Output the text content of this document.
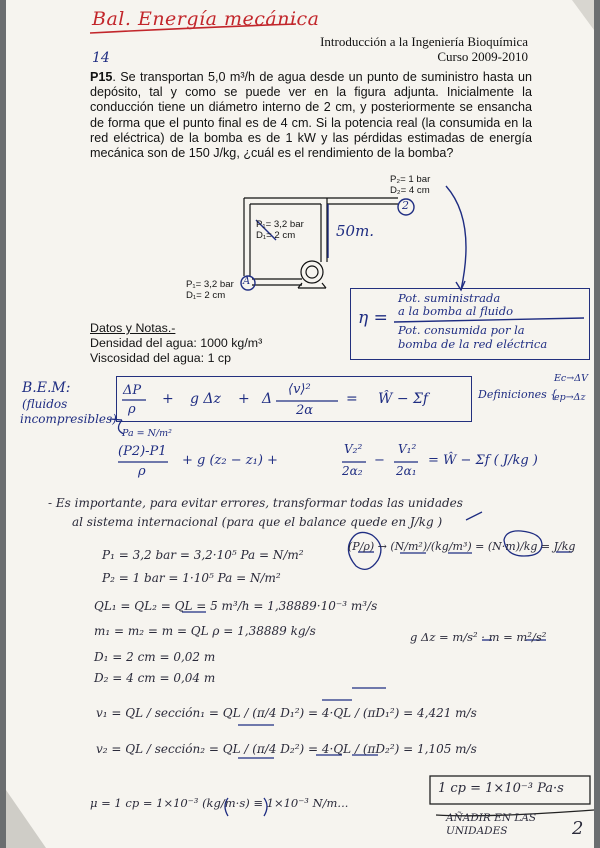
Bal. Energía mecánica
Introducción a la Ingeniería Bioquímica
Curso 2009-2010
14
P15. Se transportan 5,0 m³/h de agua desde un punto de suministro hasta un depósito, tal y como se puede ver en la figura adjunta. Inicialmente la conducción tiene un diámetro interno de 2 cm, y posteriormente se ensancha de forma que el punto final es de 4 cm. Si la potencia real (la consumida en la red eléctrica) de la bomba es de 1 kW y las pérdidas estimadas de energía mecánica son de 150 J/kg, ¿cuál es el rendimiento de la bomba?
P₂= 1 bar
D₂= 4 cm
2
P₁= 3,2 bar
D₁= 2 cm	50m.
P₁= 3,2 bar
D₁= 2 cm
A
η =
Pot. suministrada
a la bomba al fluido
Pot. consumida por la
bomba de la red eléctrica
Datos y Notas.-
Densidad del agua: 1000 kg/m³
Viscosidad del agua: 1 cp
B.E.M:
(fluidos
incompresibles)
ΔP
ρ
+ g Δz + Δ
⟨v⟩²
2α
= Ŵ − Σf	Definiciones {
Ec→ΔV
ep→Δz
Pa = N/m²
(P2)-P1
ρ
+ g (z₂ − z₁) +
V₂²
2α₂
−
V₁²
2α₁
= Ŵ − Σf ( J/kg )
- Es importante, para evitar errores, transformar todas las unidades
al sistema internacional (para que el balance quede en J/kg )
P₁ = 3,2 bar = 3,2·10⁵ Pa = N/m²
P₂ = 1 bar = 1·10⁵ Pa = N/m²
(P/ρ) → (N/m²)/(kg/m³) = (N·m)/kg = J/kg
QL₁ = QL₂ = QL = 5 m³/h = 1,38889·10⁻³ m³/s
m₁ = m₂ = m = QL ρ = 1,38889 kg/s	g Δz = m/s² · m = m²/s²
D₁ = 2 cm = 0,02 m
D₂ = 4 cm = 0,04 m
v₁ = QL / sección₁ = QL / (π/4 D₁²) = 4·QL / (πD₁²) = 4,421 m/s
v₂ = QL / sección₂ = QL / (π/4 D₂²) = 4·QL / (πD₂²) = 1,105 m/s
μ = 1 cp = 1×10⁻³ (kg/m·s) ≡ 1×10⁻³ N/m...
1 cp = 1×10⁻³ Pa·s
AÑADIR EN LAS UNIDADES	2
